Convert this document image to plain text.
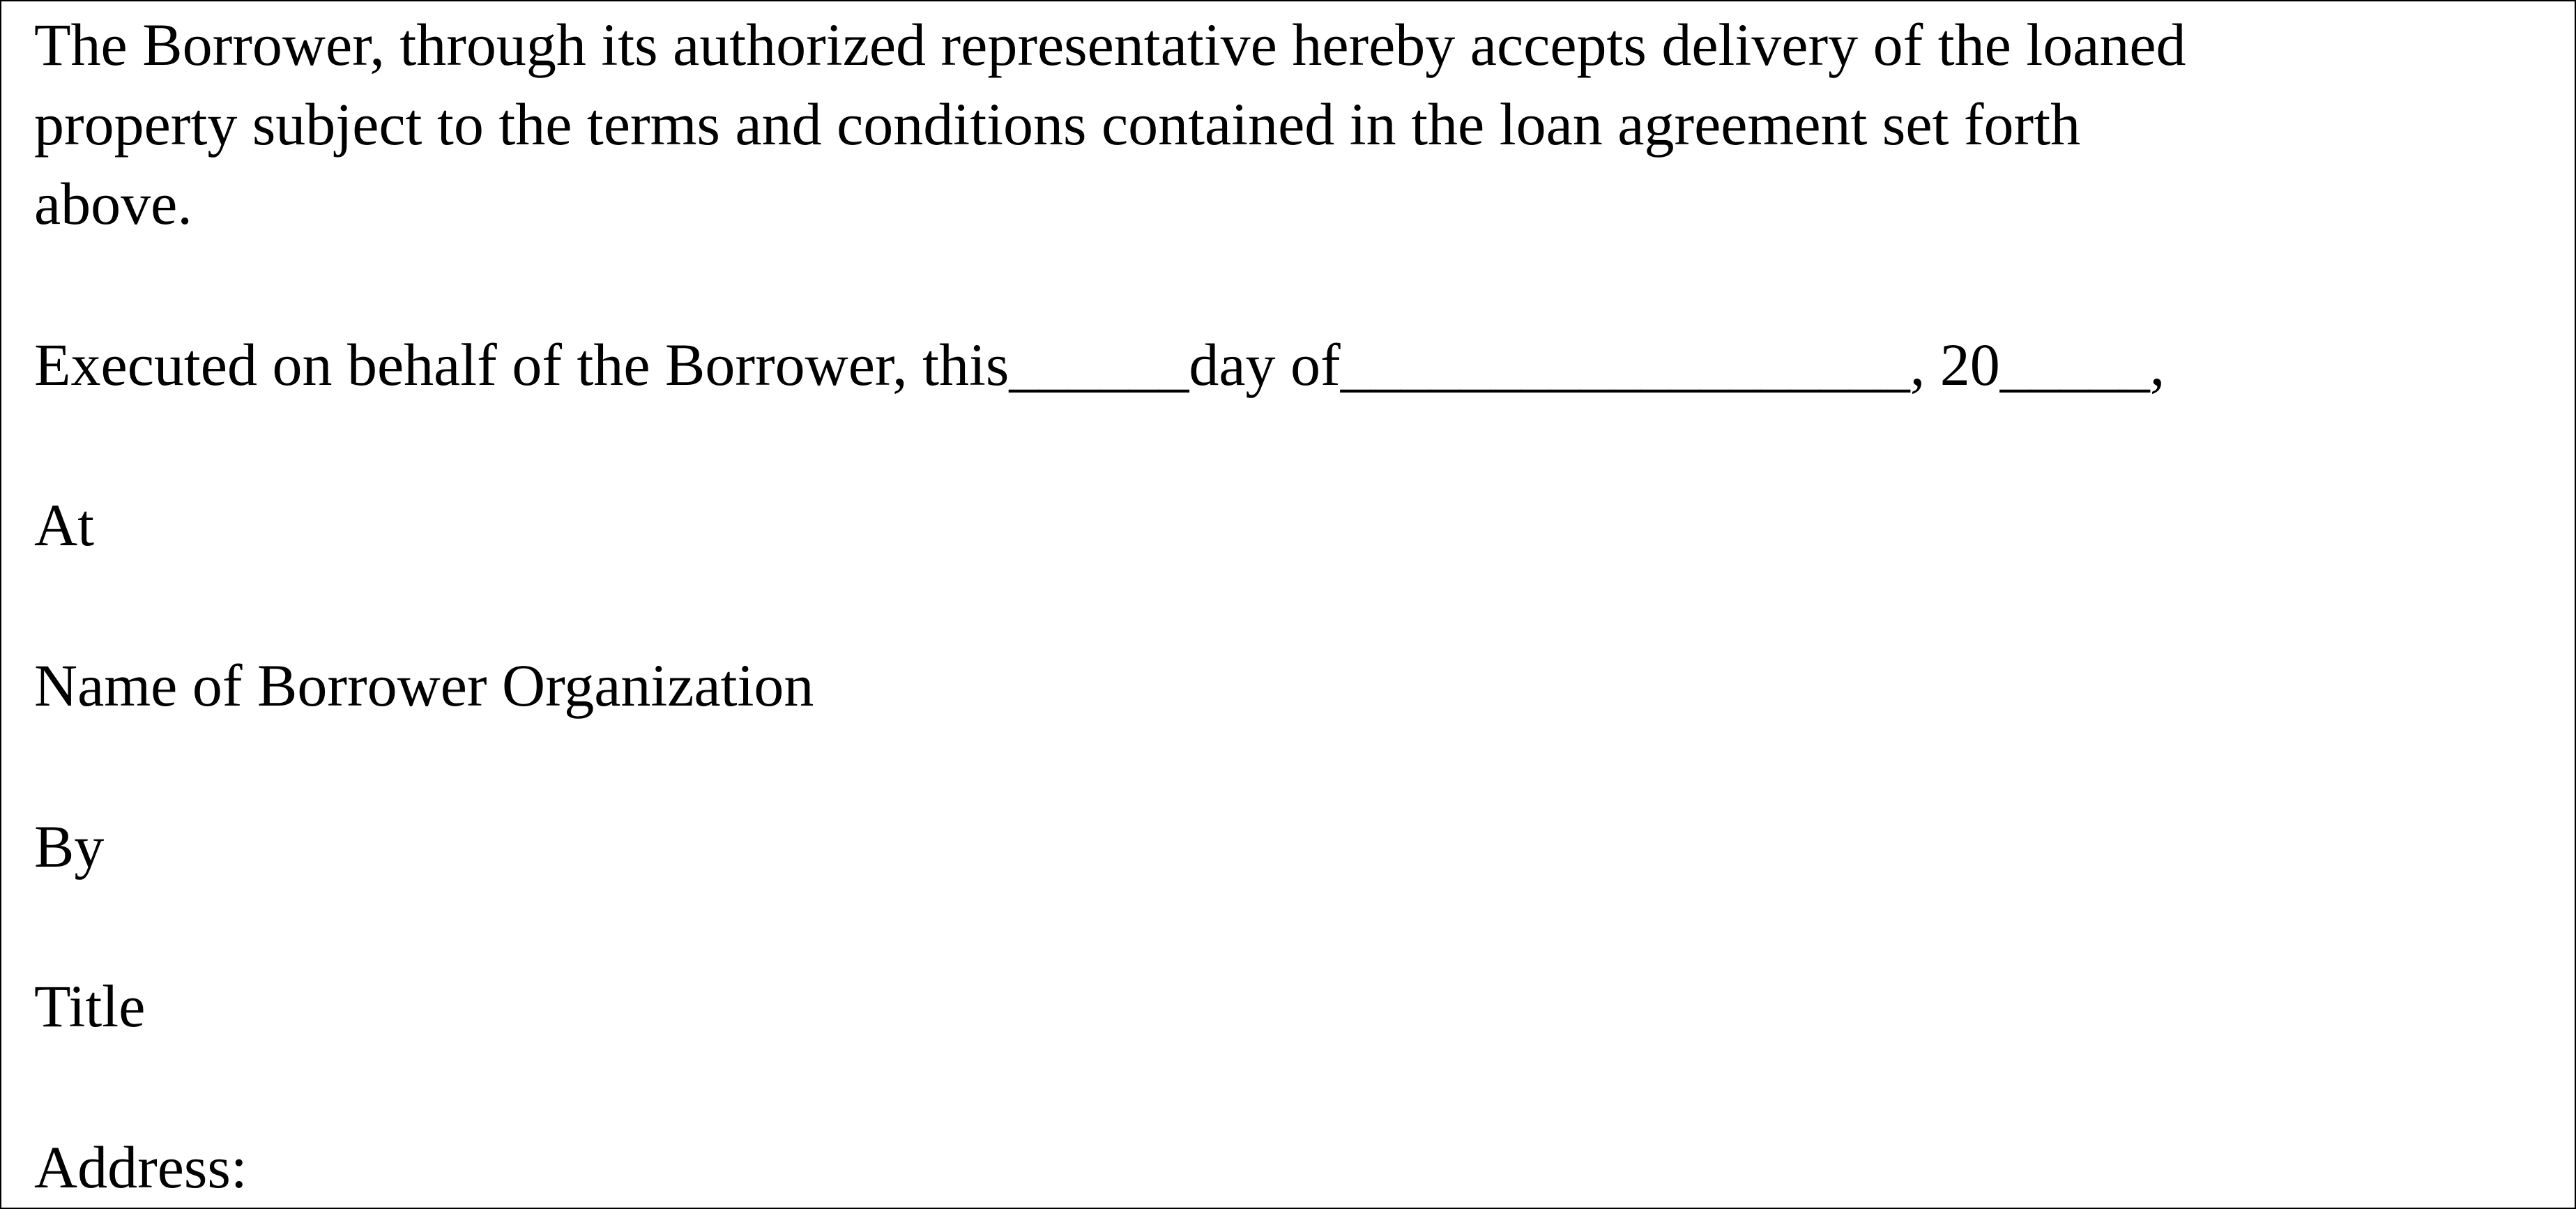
The Borrower, through its authorized representative hereby accepts delivery of the loaned

property subject to the terms and conditions contained in the loan agreement set forth

above.

Executed on behalf of the Borrower, this______day of___________________, 20_____,

At

Name of Borrower Organization

By

Title

Address:
